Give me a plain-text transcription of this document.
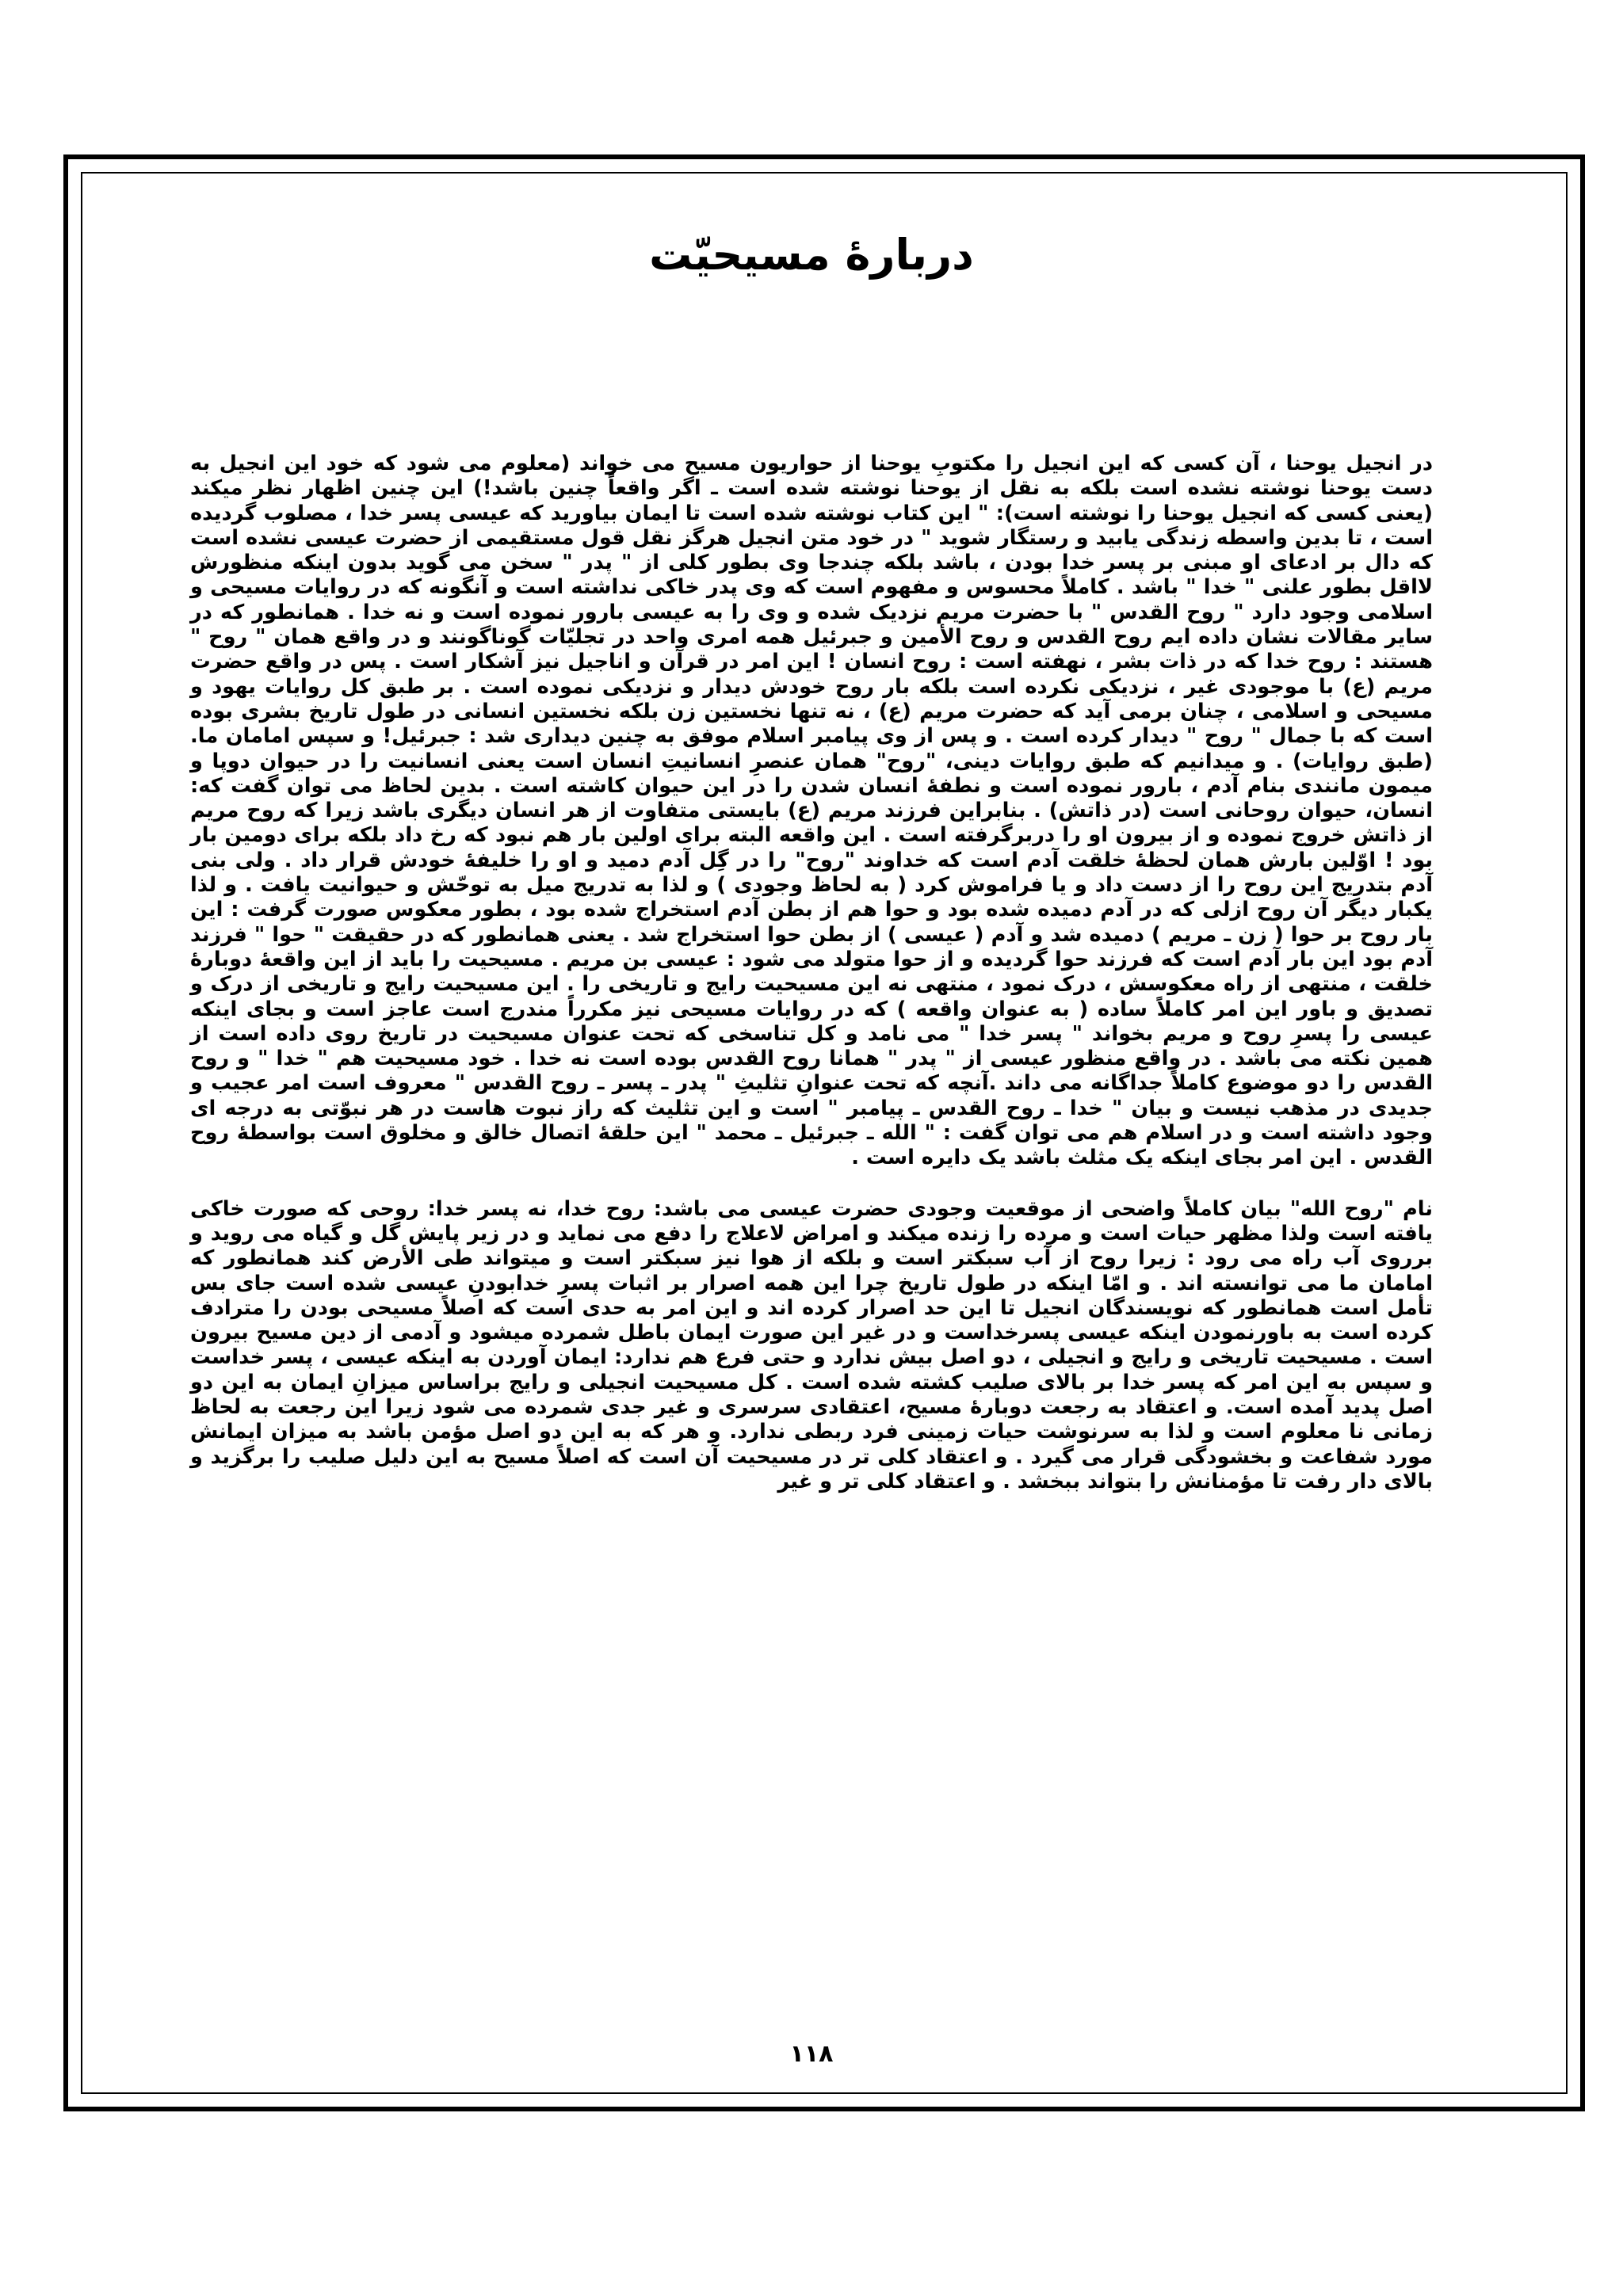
دربارۀ مسیحیّت

در انجیل یوحنا ، آن کسی که این انجیل را مکتوبِ یوحنا از حواریون مسیح می خواند (معلوم می شود که خود این انجیل به دست یوحنا نوشته نشده است بلکه به نقل از یوحنا نوشته شده است ـ اگر واقعاً چنین باشد!) این چنین اظهار نظر میکند (یعنی کسی که انجیل یوحنا را نوشته است): " این کتاب نوشته شده است تا ایمان بیاورید که عیسی پسر خدا ، مصلوب گردیده است ، تا بدین واسطه زندگی یابید و رستگار شوید " در خود متن انجیل هرگز نقل قول مستقیمی از حضرت عیسی نشده است که دال بر ادعای او مبنی بر پسر خدا بودن ، باشد بلکه چندجا وی بطور کلی از " پدر " سخن می گوید بدون اینکه منظورش لااقل بطور علنی " خدا " باشد . کاملاً محسوس و مفهوم است که وی پدر خاکی نداشته است و آنگونه که در روایات مسیحی و اسلامی وجود دارد " روح القدس " با حضرت مریم نزدیک شده و وی را به عیسی بارور نموده است و نه خدا . همانطور که در سایر مقالات نشان داده ایم روح القدس و روح الأمین و جبرئیل همه امری واحد در تجلیّات گوناگونند و در واقع همان " روح " هستند : روح خدا که در ذات بشر ، نهفته است : روح انسان ! این امر در قرآن و اناجیل نیز آشکار است . پس در واقع حضرت مریم (ع) با موجودی غیر ، نزدیکی نکرده است بلکه بار روح خودش دیدار و نزدیکی نموده است . بر طبق کل روایات یهود و مسیحی و اسلامی ، چنان برمی آید که حضرت مریم (ع) ، نه تنها نخستین زن بلکه نخستین انسانی در طول تاریخ بشری بوده است که با جمال " روح " دیدار کرده است . و پس از وی پیامبر اسلام موفق به چنین دیداری شد : جبرئیل! و سپس امامان ما. (طبق روایات) . و میدانیم که طبق روایات دینی، "روح" همان عنصرِ انسانیتِ انسان است یعنی انسانیت را در حیوان دوپا و میمون مانندی بنام آدم ، بارور نموده است و نطفهٔ انسان شدن را در این حیوان کاشته است . بدین لحاظ می توان گفت که: انسان، حیوان روحانی است (در ذاتش) . بنابراین فرزند مریم (ع) بایستی متفاوت از هر انسان دیگری باشد زیرا که روح مریم از ذاتش خروج نموده و از بیرون او را دربرگرفته است . این واقعه البته برای اولین بار هم نبود که رخ داد بلکه برای دومین بار بود ! اوّلین بارش همان لحظهٔ خلقت آدم است که خداوند "روح" را در گِل آدم دمید و او را خلیفهٔ خودش قرار داد . ولی بنی آدم بتدریج این روح را از دست داد و یا فراموش کرد ( به لحاظ وجودی ) و لذا به تدریج میل به توحّش و حیوانیت یافت . و لذا یکبار دیگر آن روح ازلی که در آدم دمیده شده بود و حوا هم از بطن آدم استخراج شده بود ، بطور معکوس صورت گرفت : این بار روح بر حوا ( زن ـ مریم ) دمیده شد و آدم ( عیسی ) از بطن حوا استخراج شد . یعنی همانطور که در حقیقت " حوا " فرزند آدم بود این بار آدم است که فرزند حوا گردیده و از حوا متولد می شود : عیسی بن مریم . مسیحیت را باید از این واقعهٔ دوبارهٔ خلقت ، منتهی از راه معکوسش ، درک نمود ، منتهی نه این مسیحیت رایج و تاریخی را . این مسیحیت رایج و تاریخی از درک و تصدیق و باور این امر کاملاً ساده ( به عنوان واقعه ) که در روایات مسیحی نیز مکرراً مندرج است عاجز است و بجای اینکه عیسی را پسرِ روح و مریم بخواند " پسر خدا " می نامد و کل تناسخی که تحت عنوان مسیحیت در تاریخ روی داده است از همین نکته می باشد . در واقع منظور عیسی از " پدر " همانا روح القدس بوده است نه خدا . خود مسیحیت هم " خدا " و روح القدس را دو موضوع کاملاً جداگانه می داند .آنچه که تحت عنوانِ تثلیثِ " پدر ـ پسر ـ روح القدس " معروف است امر عجیب و جدیدی در مذهب نیست و بیان " خدا ـ روح القدس ـ پیامبر " است و این تثلیث که راز نبوت هاست در هر نبوّتی به درجه ای وجود داشته است و در اسلام هم می توان گفت : " الله ـ جبرئیل ـ محمد " این حلقهٔ اتصال خالق و مخلوق است بواسطهٔ روح القدس . این امر بجای اینکه یک مثلث باشد یک دایره است .

نام "روح الله" بیان کاملاً واضحی از موقعیت وجودی حضرت عیسی می باشد: روح خدا، نه پسر خدا: روحی که صورت خاکی یافته است ولذا مظهر حیات است و مرده را زنده میکند و امراض لاعلاج را دفع می نماید و در زیر پایش گل و گیاه می روید و برروی آب راه می رود : زیرا روح از آب سبکتر است و بلکه از هوا نیز سبکتر است و میتواند طی الأرض کند همانطور که امامان ما می توانسته اند . و امّا اینکه در طول تاریخ چرا این همه اصرار بر اثبات پسرِ خدابودنِ عیسی شده است جای بس تأمل است همانطور که نویسندگان انجیل تا این حد اصرار کرده اند و این امر به حدی است که اصلاً مسیحی بودن را مترادف کرده است به باورنمودن اینکه عیسی پسرخداست و در غیر این صورت ایمان باطل شمرده میشود و آدمی از دین مسیح بیرون است . مسیحیت تاریخی و رایج و انجیلی ، دو اصل بیش ندارد و حتی فرع هم ندارد: ایمان آوردن به اینکه عیسی ، پسر خداست و سپس به این امر که پسر خدا بر بالای صلیب کشته شده است . کل مسیحیت انجیلی و رایج براساس میزانِ ایمان به این دو اصل پدید آمده است. و اعتقاد به رجعت دوبارهٔ مسیح، اعتقادی سرسری و غیر جدی شمرده می شود زیرا این رجعت به لحاظ زمانی نا معلوم است و لذا به سرنوشت حیات زمینی فرد ربطی ندارد. و هر که به این دو اصل مؤمن باشد به میزان ایمانش مورد شفاعت و بخشودگی قرار می گیرد . و اعتقاد کلی تر در مسیحیت آن است که اصلاً مسیح به این دلیل صلیب را برگزید و بالای دار رفت تا مؤمنانش را بتواند ببخشد . و اعتقاد کلی تر و غیر

۱۱۸
